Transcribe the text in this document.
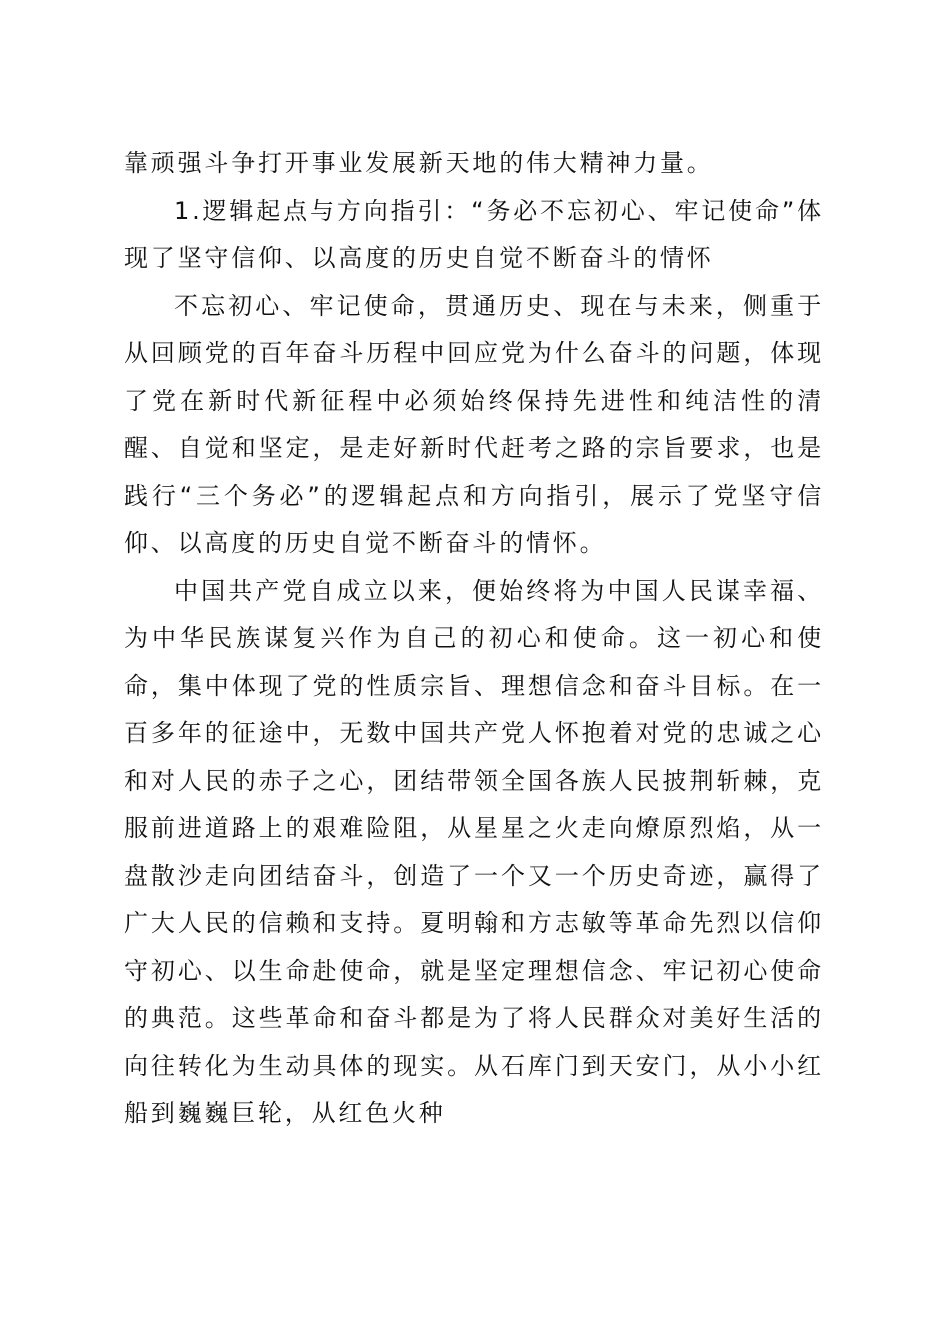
靠顽强斗争打开事业发展新天地的伟大精神力量。

1.逻辑起点与方向指引：“务必不忘初心、牢记使命”体现了坚守信仰、以高度的历史自觉不断奋斗的情怀

不忘初心、牢记使命，贯通历史、现在与未来，侧重于从回顾党的百年奋斗历程中回应党为什么奋斗的问题，体现了党在新时代新征程中必须始终保持先进性和纯洁性的清醒、自觉和坚定，是走好新时代赶考之路的宗旨要求，也是践行“三个务必”的逻辑起点和方向指引，展示了党坚守信仰、以高度的历史自觉不断奋斗的情怀。

中国共产党自成立以来，便始终将为中国人民谋幸福、为中华民族谋复兴作为自己的初心和使命。这一初心和使命，集中体现了党的性质宗旨、理想信念和奋斗目标。在一百多年的征途中，无数中国共产党人怀抱着对党的忠诚之心和对人民的赤子之心，团结带领全国各族人民披荆斩棘，克服前进道路上的艰难险阻，从星星之火走向燎原烈焰，从一盘散沙走向团结奋斗，创造了一个又一个历史奇迹，赢得了广大人民的信赖和支持。夏明翰和方志敏等革命先烈以信仰守初心、以生命赴使命，就是坚定理想信念、牢记初心使命的典范。这些革命和奋斗都是为了将人民群众对美好生活的向往转化为生动具体的现实。从石库门到天安门，从小小红船到巍巍巨轮，从红色火种
